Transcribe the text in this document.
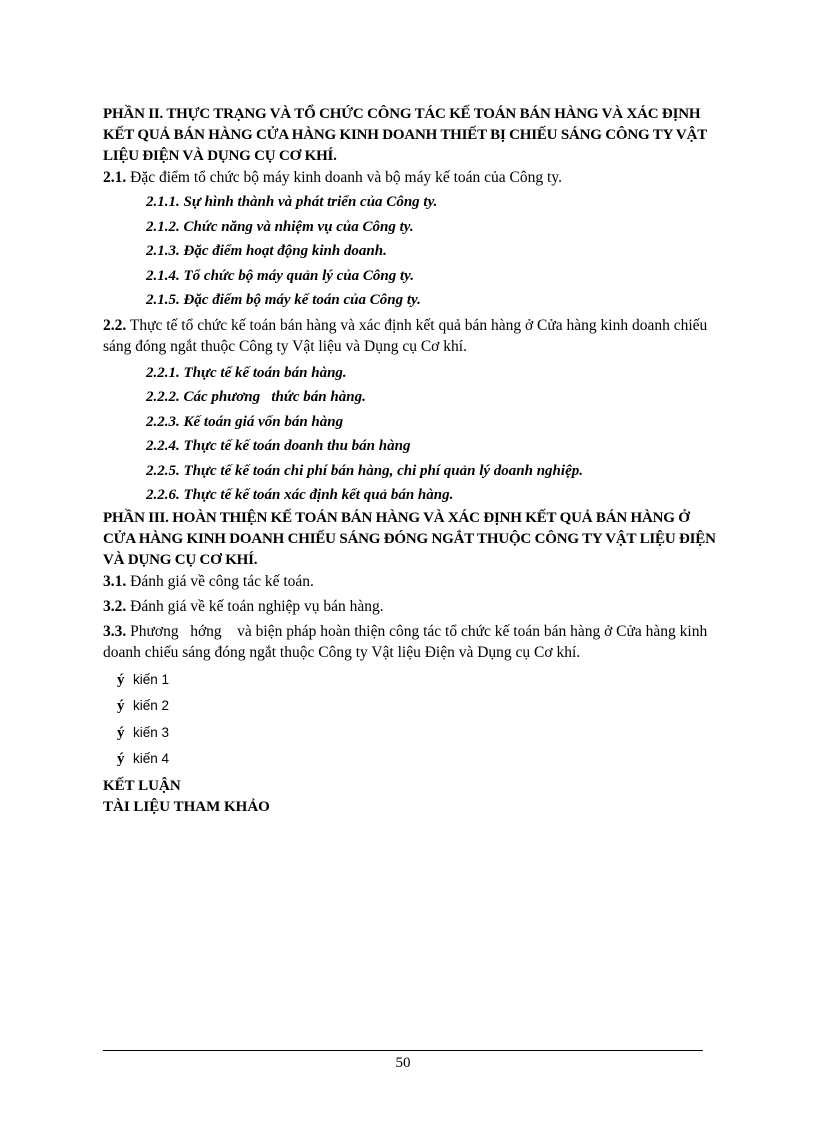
PHẦN II. THỰC TRẠNG VÀ TỔ CHỨC CÔNG TÁC KẾ TOÁN BÁN HÀNG VÀ XÁC ĐỊNH KẾT QUẢ BÁN HÀNG CỬA HÀNG KINH DOANH THIẾT BỊ CHIẾU SÁNG CÔNG TY VẬT LIỆU ĐIỆN VÀ DỤNG CỤ CƠ KHÍ.

2.1. Đặc điểm tổ chức bộ máy kinh doanh và bộ máy kế toán của Công ty.

2.1.1. Sự hình thành và phát triển của Công ty.

2.1.2. Chức năng và nhiệm vụ của Công ty.

2.1.3. Đặc điểm hoạt động kinh doanh.

2.1.4. Tổ chức bộ máy quản lý của Công ty.

2.1.5. Đặc điểm bộ máy kế toán của Công ty.

2.2. Thực tế tổ chức kế toán bán hàng và xác định kết quả bán hàng ở Cửa hàng kinh doanh chiếu sáng đóng ngắt thuộc Công ty Vật liệu và Dụng cụ Cơ khí.

2.2.1. Thực tế kế toán bán hàng.

2.2.2. Các phương   thức bán hàng.

2.2.3. Kế toán giá vốn bán hàng

2.2.4. Thực tế kế toán doanh thu bán hàng

2.2.5. Thực tế kế toán chi phí bán hàng, chi phí quản lý doanh nghiệp.

2.2.6. Thực tế kế toán xác định kết quả bán hàng.

PHẦN III. HOÀN THIỆN KẾ TOÁN BÁN HÀNG VÀ XÁC ĐỊNH KẾT QUẢ BÁN HÀNG Ở CỬA HÀNG KINH DOANH CHIẾU SÁNG ĐÓNG NGẮT THUỘC CÔNG TY VẬT LIỆU ĐIỆN VÀ DỤNG CỤ CƠ KHÍ.

3.1. Đánh giá về công tác kế toán.

3.2. Đánh giá về kế toán nghiệp vụ bán hàng.

3.3. Phương   hớng    và biện pháp hoàn thiện công tác tổ chức kế toán bán hàng ở Cửa hàng kinh doanh chiếu sáng đóng ngắt thuộc Công ty Vật liệu Điện và Dụng cụ Cơ khí.

ý kiến 1

ý kiến 2

ý kiến 3

ý kiến 4

KẾT LUẬN

TÀI LIỆU THAM KHẢO

50
